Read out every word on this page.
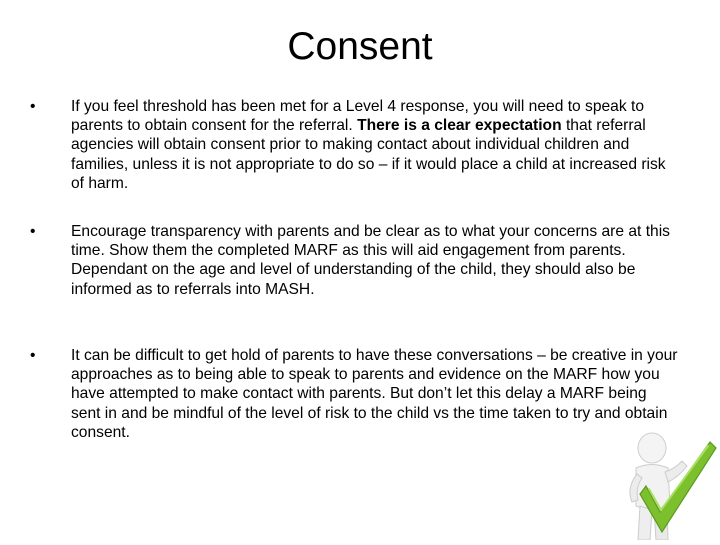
Consent
•	If you feel threshold has been met for a Level 4 response, you will need to speak to parents to obtain consent for the referral. There is a clear expectation that referral agencies will obtain consent prior to making contact about individual children and families, unless it is not appropriate to do so – if it would place a child at increased risk of harm.
•	Encourage transparency with parents and be clear as to what your concerns are at this time. Show them the completed MARF as this will aid engagement from parents. Dependant on the age and level of understanding of the child, they should also be informed as to referrals into MASH.
•	It can be difficult to get hold of parents to have these conversations – be creative in your approaches as to being able to speak to parents and evidence on the MARF how you have attempted to make contact with parents. But don’t let this delay a MARF being sent in and be mindful of the level of risk to the child vs the time taken to try and obtain consent.
